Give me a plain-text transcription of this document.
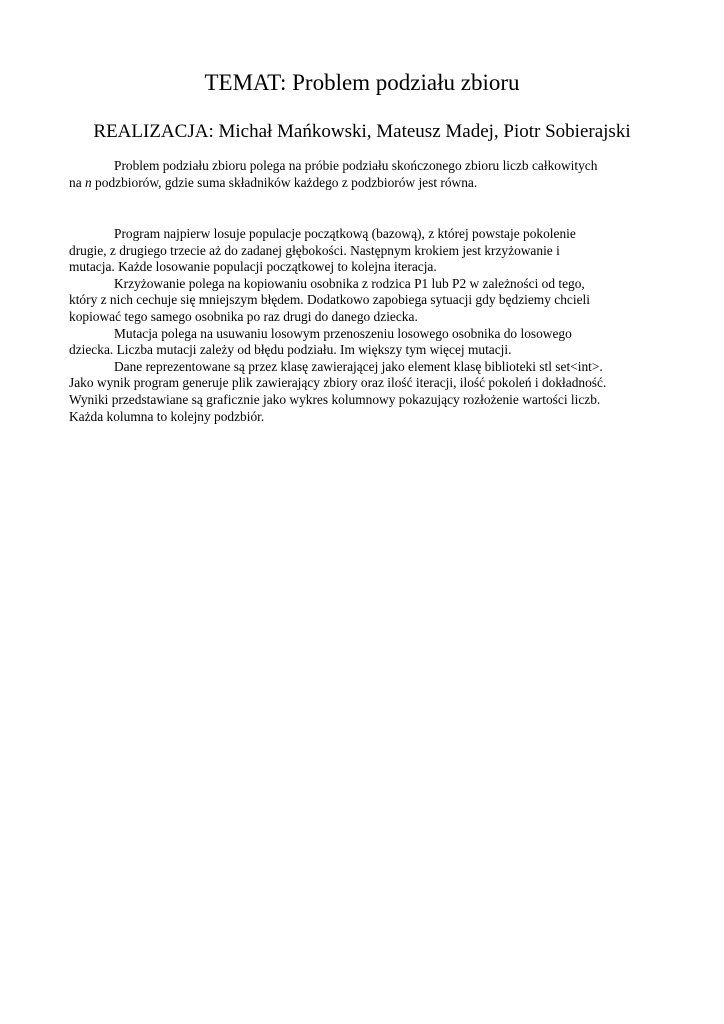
TEMAT: Problem podziału zbioru
REALIZACJA: Michał Mańkowski, Mateusz Madej, Piotr Sobierajski
Problem podziału zbioru polega na próbie podziału skończonego zbioru liczb całkowitych
na n podzbiorów, gdzie suma składników każdego z podzbiorów jest równa.
Program najpierw losuje populacje początkową (bazową), z której powstaje pokolenie
drugie, z drugiego trzecie aż do zadanej głębokości. Następnym krokiem jest krzyżowanie i
mutacja. Każde losowanie populacji początkowej to kolejna iteracja.
Krzyżowanie polega na kopiowaniu osobnika z rodzica P1 lub P2 w zależności od tego,
który z nich cechuje się mniejszym błędem. Dodatkowo zapobiega sytuacji gdy będziemy chcieli
kopiować tego samego osobnika po raz drugi do danego dziecka.
Mutacja polega na usuwaniu losowym przenoszeniu losowego osobnika do losowego
dziecka. Liczba mutacji zależy od błędu podziału. Im większy tym więcej mutacji.
Dane reprezentowane są przez klasę zawierającej jako element klasę biblioteki stl set<int>.
Jako wynik program generuje plik zawierający zbiory oraz ilość iteracji, ilość pokoleń i dokładność.
Wyniki przedstawiane są graficznie jako wykres kolumnowy pokazujący rozłożenie wartości liczb.
Każda kolumna to kolejny podzbiór.
